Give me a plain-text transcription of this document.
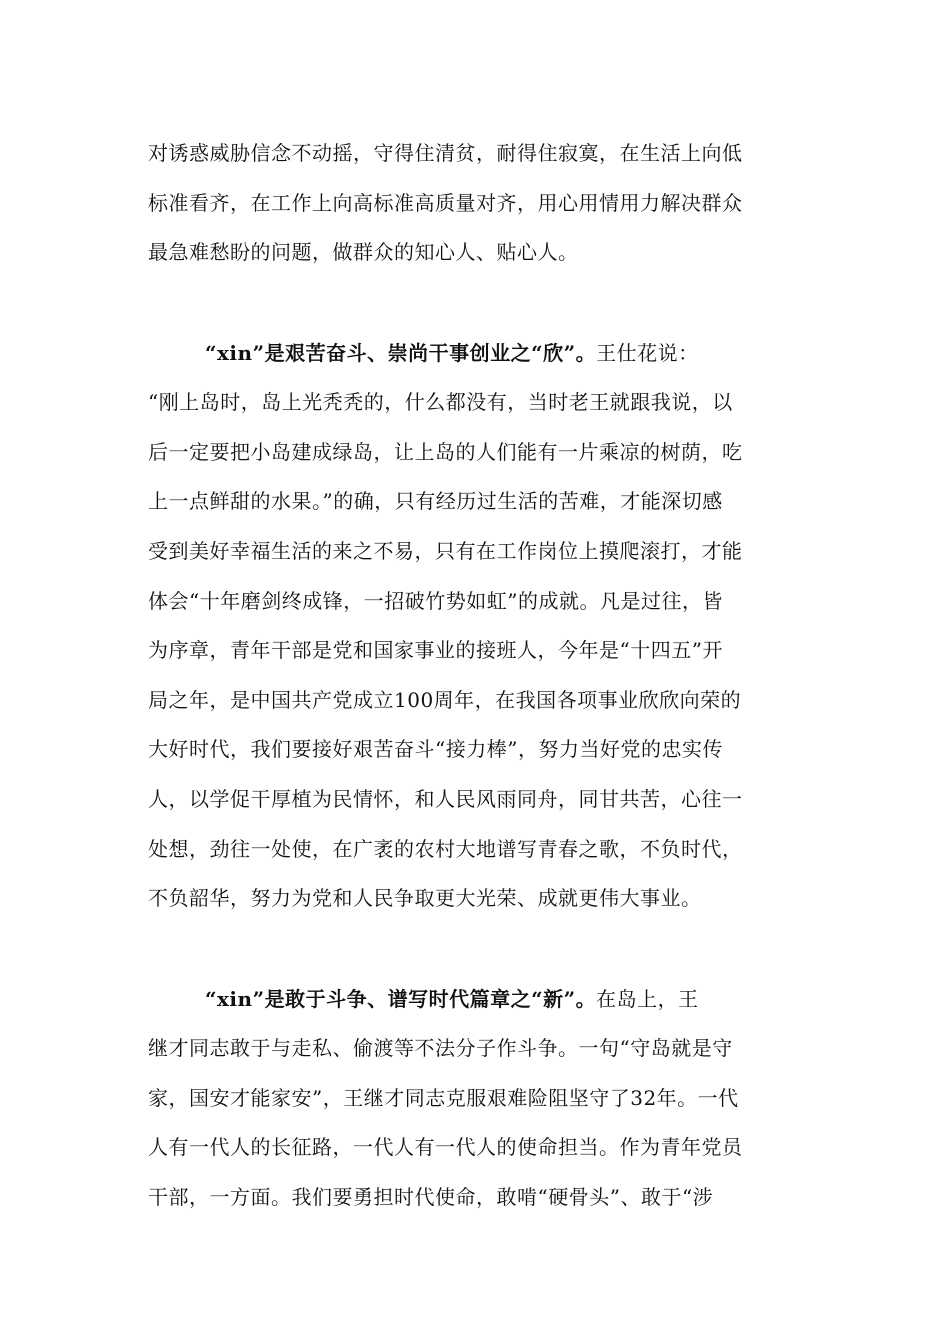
对诱惑威胁信念不动摇，守得住清贫，耐得住寂寞，在生活上向低
标准看齐，在工作上向高标准高质量对齐，用心用情用力解决群众
最急难愁盼的问题，做群众的知心人、贴心人。
“xin”是艰苦奋斗、崇尚干事创业之“欣”。王仕花说：
“刚上岛时，岛上光秃秃的，什么都没有，当时老王就跟我说，以
后一定要把小岛建成绿岛，让上岛的人们能有一片乘凉的树荫，吃
上一点鲜甜的水果。”的确，只有经历过生活的苦难，才能深切感
受到美好幸福生活的来之不易，只有在工作岗位上摸爬滚打，才能
体会“十年磨剑终成锋，一招破竹势如虹”的成就。凡是过往，皆
为序章，青年干部是党和国家事业的接班人，今年是“十四五”开
局之年，是中国共产党成立100周年，在我国各项事业欣欣向荣的
大好时代，我们要接好艰苦奋斗“接力棒”，努力当好党的忠实传
人，以学促干厚植为民情怀，和人民风雨同舟，同甘共苦，心往一
处想，劲往一处使，在广袤的农村大地谱写青春之歌，不负时代，
不负韶华，努力为党和人民争取更大光荣、成就更伟大事业。
“xin”是敢于斗争、谱写时代篇章之“新”。在岛上，王
继才同志敢于与走私、偷渡等不法分子作斗争。一句“守岛就是守
家，国安才能家安”，王继才同志克服艰难险阻坚守了32年。一代
人有一代人的长征路，一代人有一代人的使命担当。作为青年党员
干部，一方面。我们要勇担时代使命，敢啃“硬骨头”、敢于“涉
